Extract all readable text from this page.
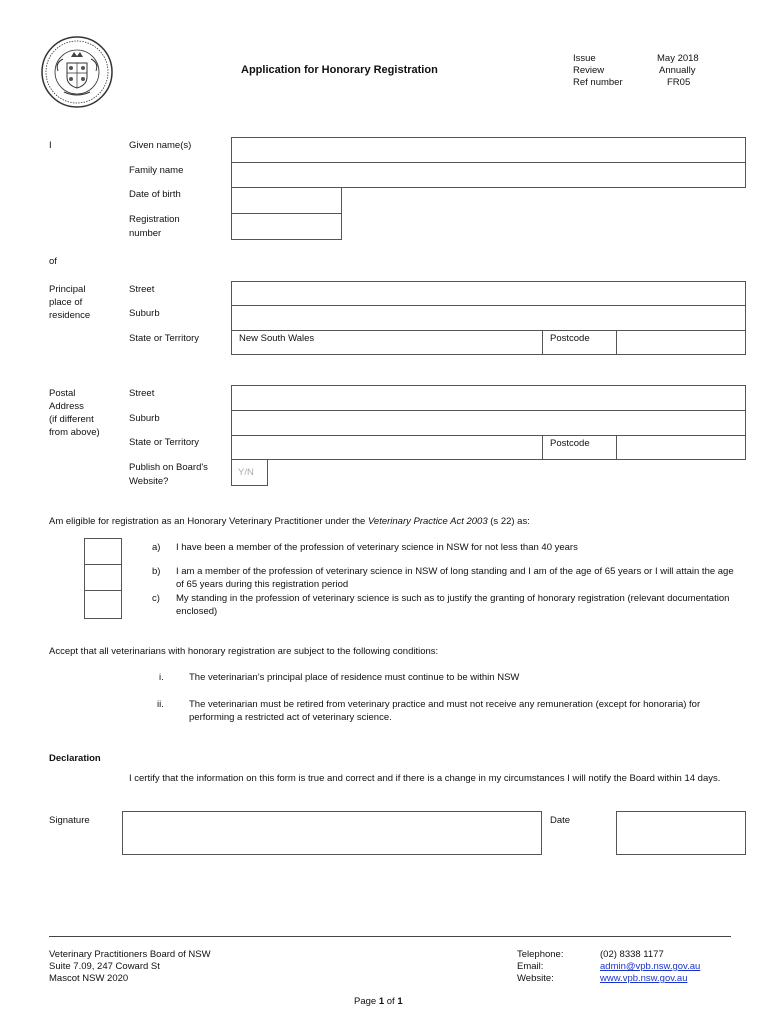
Application for Honorary Registration
Issue	May 2018
Review	Annually
Ref number	FR05
I	Given name(s)
Family name
Date of birth
Registration
number
of
Principal
place of
residence
Street
Suburb
State or Territory	New South Wales	Postcode
Postal
Address
(if different
from above)
Street
Suburb
State or Territory	Postcode
Publish on Board's
Website?
Y/N
Am eligible for registration as an Honorary Veterinary Practitioner under the Veterinary Practice Act 2003 (s 22) as:
a) I have been a member of the profession of veterinary science in NSW for not less than 40 years
b) I am a member of the profession of veterinary science in NSW of long standing and I am of the age of 65 years or I will attain the age of 65 years during this registration period
c) My standing in the profession of veterinary science is such as to justify the granting of honorary registration (relevant documentation enclosed)
Accept that all veterinarians with honorary registration are subject to the following conditions:
i.	The veterinarian’s principal place of residence must continue to be within NSW
ii.	The veterinarian must be retired from veterinary practice and must not receive any remuneration (except for honoraria) for performing a restricted act of veterinary science.
Declaration
I certify that the information on this form is true and correct and if there is a change in my circumstances I will notify the Board within 14 days.
Signature	Date
Veterinary Practitioners Board of NSW
Suite 7.09, 247 Coward St
Mascot NSW 2020
Telephone:	(02) 8338 1177
Email:	admin@vpb.nsw.gov.au
Website:	www.vpb.nsw.gov.au
Page 1 of 1
